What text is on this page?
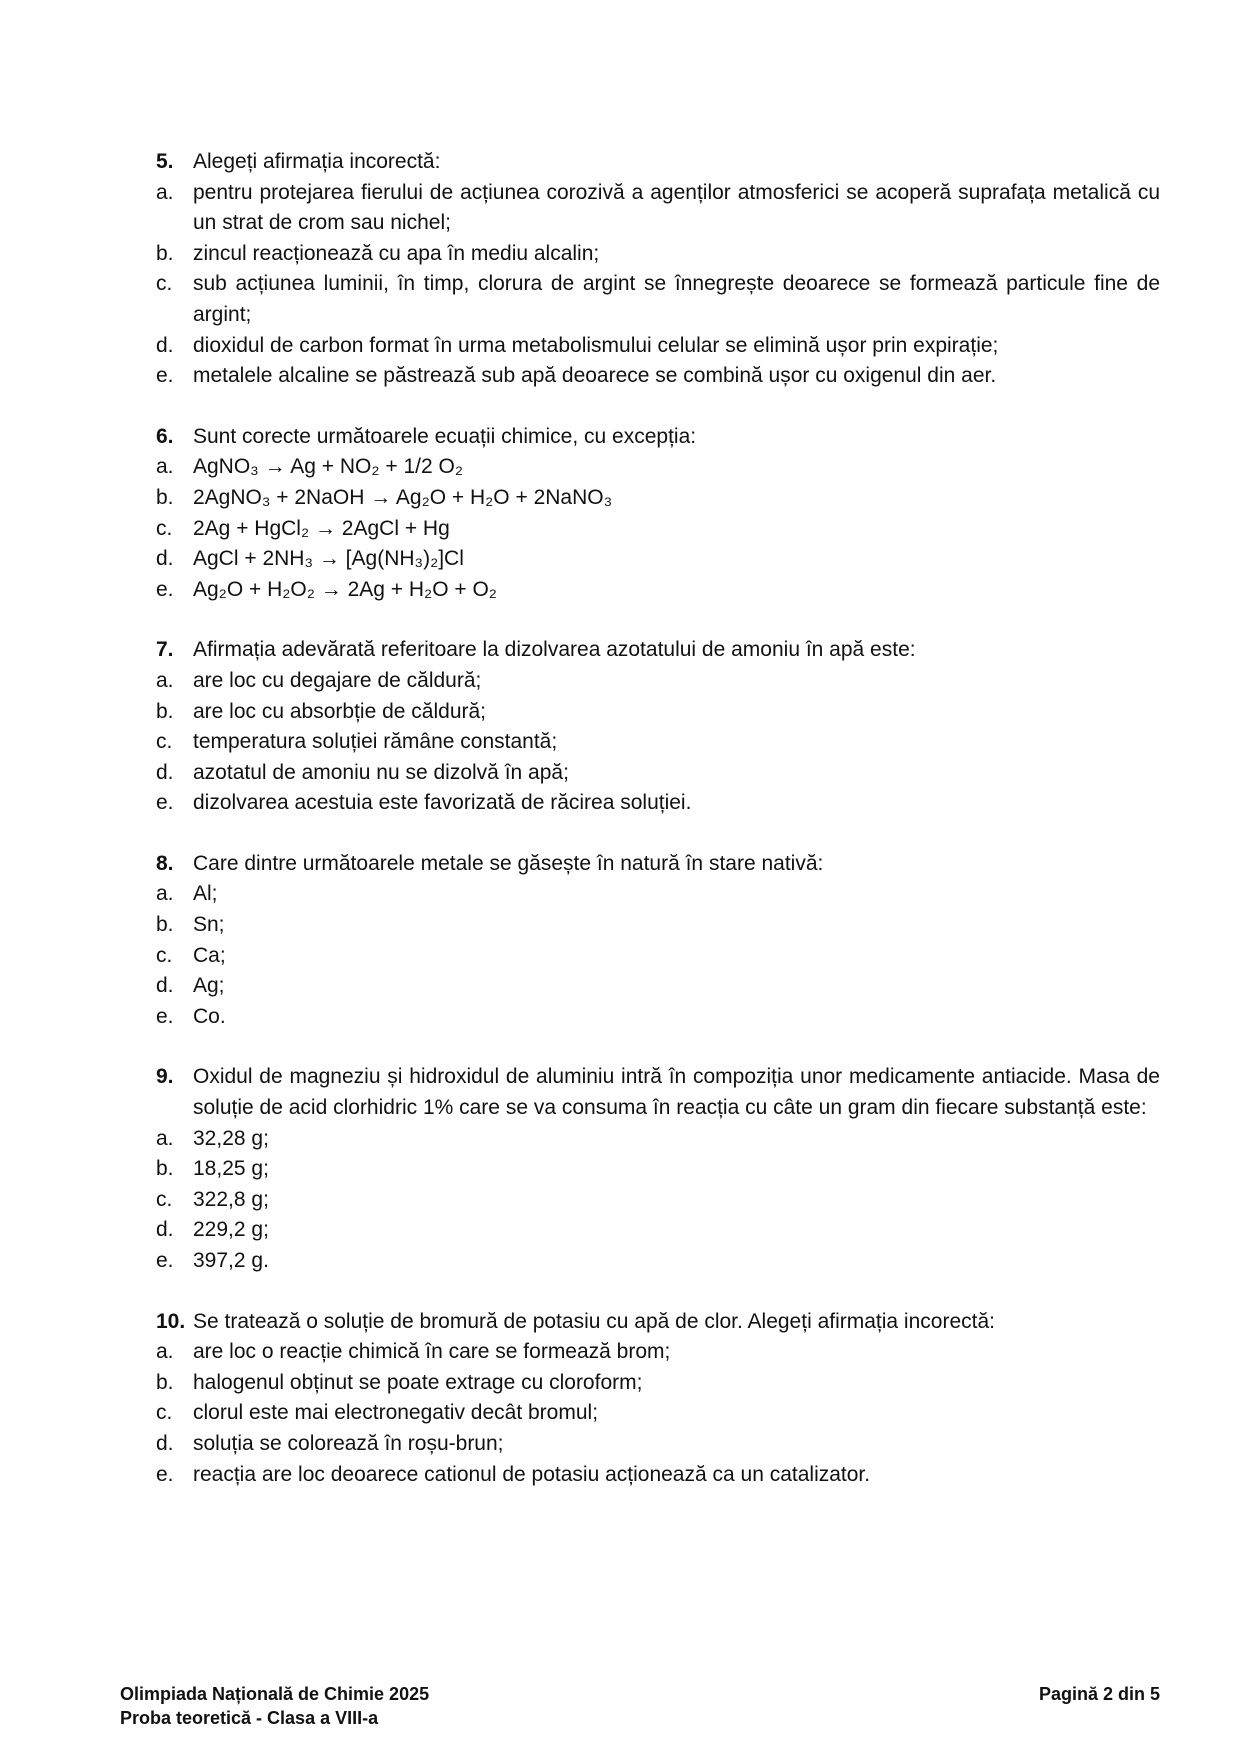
5. Alegeți afirmația incorectă:
a. pentru protejarea fierului de acțiunea corozivă a agenților atmosferici se acoperă suprafața metalică cu un strat de crom sau nichel;
b. zincul reacționează cu apa în mediu alcalin;
c. sub acțiunea luminii, în timp, clorura de argint se înnegrește deoarece se formează particule fine de argint;
d. dioxidul de carbon format în urma metabolismului celular se elimină ușor prin expirație;
e. metalele alcaline se păstrează sub apă deoarece se combină ușor cu oxigenul din aer.
6. Sunt corecte următoarele ecuații chimice, cu excepția:
a. AgNO₃ → Ag + NO₂ + 1/2 O₂
b. 2AgNO₃ + 2NaOH → Ag₂O + H₂O + 2NaNO₃
c. 2Ag + HgCl₂ → 2AgCl + Hg
d. AgCl + 2NH₃ → [Ag(NH₃)₂]Cl
e. Ag₂O + H₂O₂ → 2Ag + H₂O + O₂
7. Afirmația adevărată referitoare la dizolvarea azotatului de amoniu în apă este:
a. are loc cu degajare de căldură;
b. are loc cu absorbție de căldură;
c. temperatura soluției rămâne constantă;
d. azotatul de amoniu nu se dizolvă în apă;
e. dizolvarea acestuia este favorizată de răcirea soluției.
8. Care dintre următoarele metale se găsește în natură în stare nativă:
a. Al;
b. Sn;
c. Ca;
d. Ag;
e. Co.
9. Oxidul de magneziu și hidroxidul de aluminiu intră în compoziția unor medicamente antiacide. Masa de soluție de acid clorhidric 1% care se va consuma în reacția cu câte un gram din fiecare substanță este:
a. 32,28 g;
b. 18,25 g;
c. 322,8 g;
d. 229,2 g;
e. 397,2 g.
10. Se tratează o soluție de bromură de potasiu cu apă de clor. Alegeți afirmația incorectă:
a. are loc o reacție chimică în care se formează brom;
b. halogenul obținut se poate extrage cu cloroform;
c. clorul este mai electronegativ decât bromul;
d. soluția se colorează în roșu-brun;
e. reacția are loc deoarece cationul de potasiu acționează ca un catalizator.
Olimpiada Națională de Chimie 2025
Proba teoretică - Clasa a VIII-a
Pagină 2 din 5
